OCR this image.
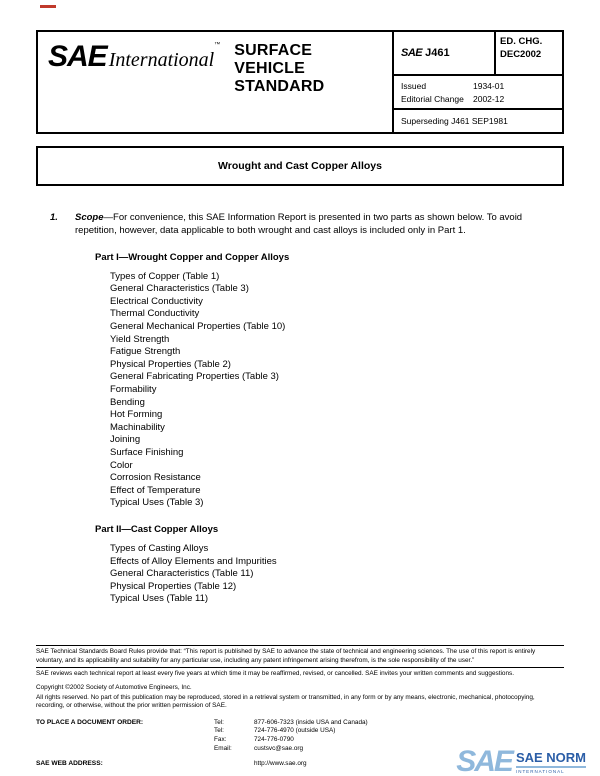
SAE International™ SURFACE
VEHICLE
STANDARD
SAE J461
ED. CHG.
DEC2002
Issued	1934-01
Editorial Change	2002-12
Superseding J461 SEP1981
Wrought and Cast Copper Alloys
1.	Scope—For convenience, this SAE Information Report is presented in two parts as shown below. To avoid repetition, however, data applicable to both wrought and cast alloys is included only in Part 1.
Part I—Wrought Copper and Copper Alloys
Types of Copper (Table 1)
General Characteristics (Table 3)
Electrical Conductivity
Thermal Conductivity
General Mechanical Properties (Table 10)
Yield Strength
Fatigue Strength
Physical Properties (Table 2)
General Fabricating Properties (Table 3)
Formability
Bending
Hot Forming
Machinability
Joining
Surface Finishing
Color
Corrosion Resistance
Effect of Temperature
Typical Uses (Table 3)
Part II—Cast Copper Alloys
Types of Casting Alloys
Effects of Alloy Elements and Impurities
General Characteristics (Table 11)
Physical Properties (Table 12)
Typical Uses (Table 11)

SAE Technical Standards Board Rules provide that: “This report is published by SAE to advance the state of technical and engineering sciences. The use of this report is entirely voluntary, and its applicability and suitability for any particular use, including any patent infringement arising therefrom, is the sole responsibility of the user.”

SAE reviews each technical report at least every five years at which time it may be reaffirmed, revised, or cancelled. SAE invites your written comments and suggestions.

Copyright ©2002 Society of Automotive Engineers, Inc.

All rights reserved. No part of this publication may be reproduced, stored in a retrieval system or transmitted, in any form or by any means, electronic, mechanical, photocopying, recording, or otherwise, without the prior written permission of SAE.

TO PLACE A DOCUMENT ORDER:	Tel:	877-606-7323 (inside USA and Canada)
Tel:	724-776-4970 (outside USA)
Fax:	724-776-0790
Email:	custsvc@sae.org
SAE WEB ADDRESS:	http://www.sae.org	SAE SAE NORM
INTERNATIONAL
